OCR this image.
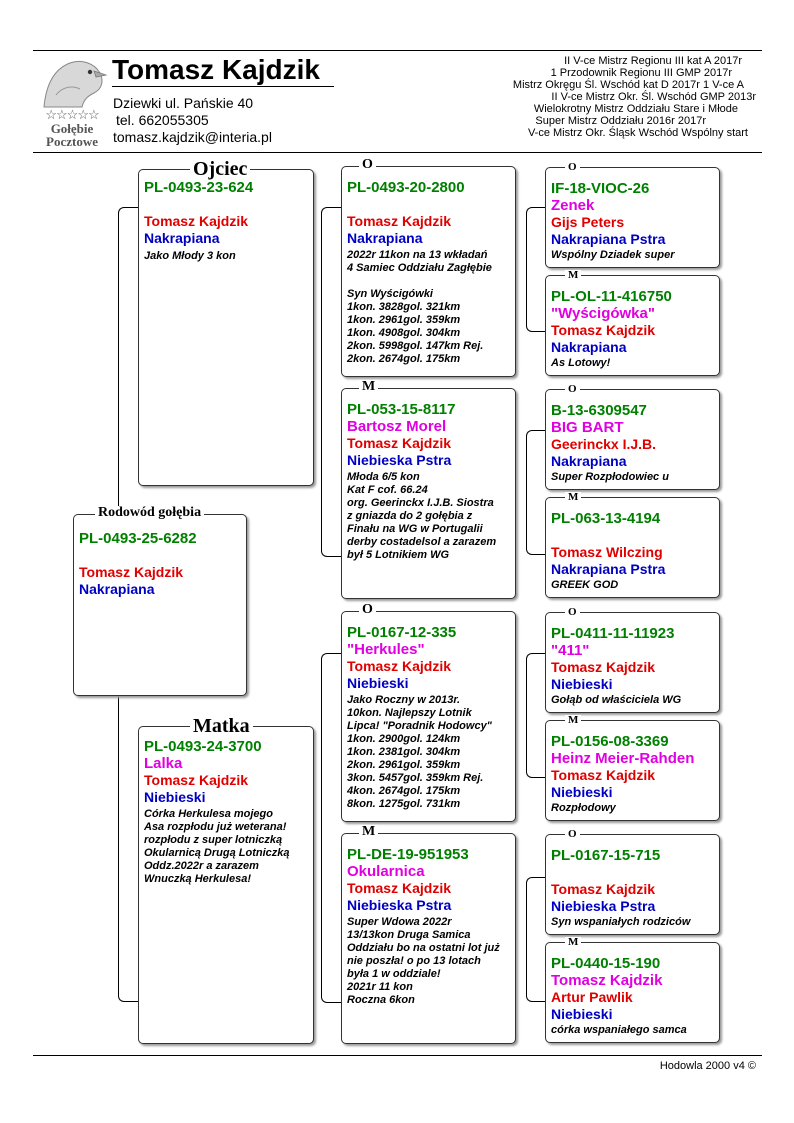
☆☆☆☆☆
Gołębie
Pocztowe
Tomasz Kajdzik
Dziewki ul. Pańskie 40
tel. 662055305
tomasz.kajdzik@interia.pl
II V-ce Mistrz Regionu III kat A 2017r
1 Przodownik Regionu III GMP 2017r
Mistrz Okręgu Śl. Wschód kat D 2017r 1 V-ce A
II V-ce Mistrz Okr. Śl. Wschód GMP 2013r
Wielokrotny Mistrz Oddziału Stare i Młode
Super Mistrz Oddziału 2016r 2017r
V-ce Mistrz Okr. Śląsk Wschód Wspólny start
PL-0493-25-6282
Tomasz Kajdzik
Nakrapiana
Rodowód gołębia
PL-0493-23-624
Tomasz Kajdzik
Nakrapiana
Jako Młody 3 kon
Ojciec
PL-0493-24-3700
Lalka
Tomasz Kajdzik
Niebieski
Córka Herkulesa mojego
Asa rozpłodu już weterana!
rozpłodu z super lotniczką
Okularnicą Drugą Lotniczką
Oddz.2022r a zarazem
Wnuczką Herkulesa!
Matka
PL-0493-20-2800
Tomasz Kajdzik
Nakrapiana
2022r 11kon na 13 wkładań
4 Samiec Oddziału Zagłębie

Syn Wyścigówki
1kon. 3828gol. 321km
1kon. 2961gol. 359km
1kon. 4908gol. 304km
2kon. 5998gol. 147km Rej.
2kon. 2674gol. 175km
O
PL-053-15-8117
Bartosz Morel
Tomasz Kajdzik
Niebieska Pstra
Młoda 6/5 kon
Kat F cof. 66.24
org. Geerinckx I.J.B. Siostra
z gniazda do 2 gołębia z
Finału na WG w Portugalii
derby costadelsol a zarazem
był 5 Lotnikiem WG
M
PL-0167-12-335
"Herkules"
Tomasz Kajdzik
Niebieski
Jako Roczny w 2013r.
10kon. Najlepszy Lotnik
Lipca! "Poradnik Hodowcy"
1kon. 2900gol. 124km
1kon. 2381gol. 304km
2kon. 2961gol. 359km
3kon. 5457gol. 359km Rej.
4kon. 2674gol. 175km
8kon. 1275gol. 731km
O
PL-DE-19-951953
Okularnica
Tomasz Kajdzik
Niebieska Pstra
Super Wdowa 2022r
13/13kon Druga Samica
Oddziału bo na ostatni lot już
nie poszła! o po 13 lotach
była 1 w oddziale!
2021r 11 kon
Roczna 6kon
M
IF-18-VIOC-26
Zenek
Gijs Peters
Nakrapiana Pstra
Wspólny Dziadek super
O
PL-OL-11-416750
"Wyścigówka"
Tomasz Kajdzik
Nakrapiana
As Lotowy!
M
B-13-6309547
BIG BART
Geerinckx I.J.B.
Nakrapiana
Super Rozpłodowiec u
O
PL-063-13-4194
Tomasz Wilczing
Nakrapiana Pstra
GREEK GOD
M
PL-0411-11-11923
"411"
Tomasz Kajdzik
Niebieski
Gołąb od właściciela WG
O
PL-0156-08-3369
Heinz Meier-Rahden
Tomasz Kajdzik
Niebieski
Rozpłodowy
M
PL-0167-15-715
Tomasz Kajdzik
Niebieska Pstra
Syn wspaniałych rodziców
O
PL-0440-15-190
Tomasz Kajdzik
Artur Pawlik
Niebieski
córka wspaniałego samca
M
Hodowla 2000 v4 ©
